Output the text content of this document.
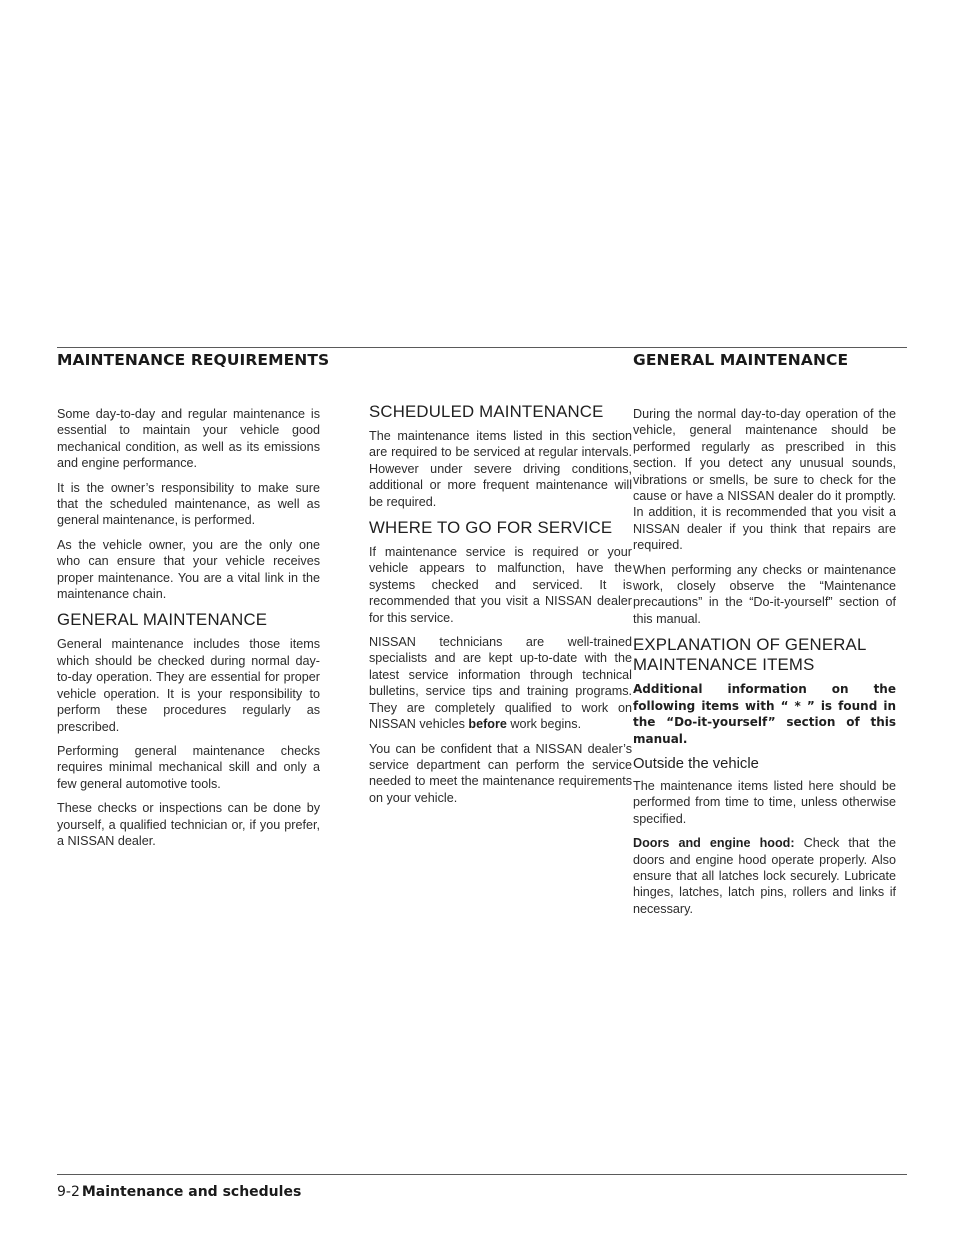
MAINTENANCE REQUIREMENTS	GENERAL MAINTENANCE

Some day-to-day and regular maintenance is essential to maintain your vehicle good mechanical condition, as well as its emissions and engine performance.

It is the owner’s responsibility to make sure that the scheduled maintenance, as well as general maintenance, is performed.

As the vehicle owner, you are the only one who can ensure that your vehicle receives proper maintenance. You are a vital link in the maintenance chain.

GENERAL MAINTENANCE

General maintenance includes those items which should be checked during normal day-to-day operation. They are essential for proper vehicle operation. It is your responsibility to perform these procedures regularly as prescribed.

Performing general maintenance checks requires minimal mechanical skill and only a few general automotive tools.

These checks or inspections can be done by yourself, a qualified technician or, if you prefer, a NISSAN dealer.

SCHEDULED MAINTENANCE

The maintenance items listed in this section are required to be serviced at regular intervals. However under severe driving conditions, additional or more frequent maintenance will be required.

WHERE TO GO FOR SERVICE

If maintenance service is required or your vehicle appears to malfunction, have the systems checked and serviced. It is recommended that you visit a NISSAN dealer for this service.

NISSAN technicians are well-trained specialists and are kept up-to-date with the latest service information through technical bulletins, service tips and training programs. They are completely qualified to work on NISSAN vehicles before work begins.

You can be confident that a NISSAN dealer’s service department can perform the service needed to meet the maintenance requirements on your vehicle.

During the normal day-to-day operation of the vehicle, general maintenance should be performed regularly as prescribed in this section. If you detect any unusual sounds, vibrations or smells, be sure to check for the cause or have a NISSAN dealer do it promptly. In addition, it is recommended that you visit a NISSAN dealer if you think that repairs are required.

When performing any checks or maintenance work, closely observe the “Maintenance precautions” in the “Do-it-yourself” section of this manual.

EXPLANATION OF GENERAL MAINTENANCE ITEMS

Additional information on the following items with “ * ” is found in the “Do-it-yourself” section of this manual.

Outside the vehicle

The maintenance items listed here should be performed from time to time, unless otherwise specified.

Doors and engine hood: Check that the doors and engine hood operate properly. Also ensure that all latches lock securely. Lubricate hinges, latches, latch pins, rollers and links if necessary.

9-2 Maintenance and schedules
